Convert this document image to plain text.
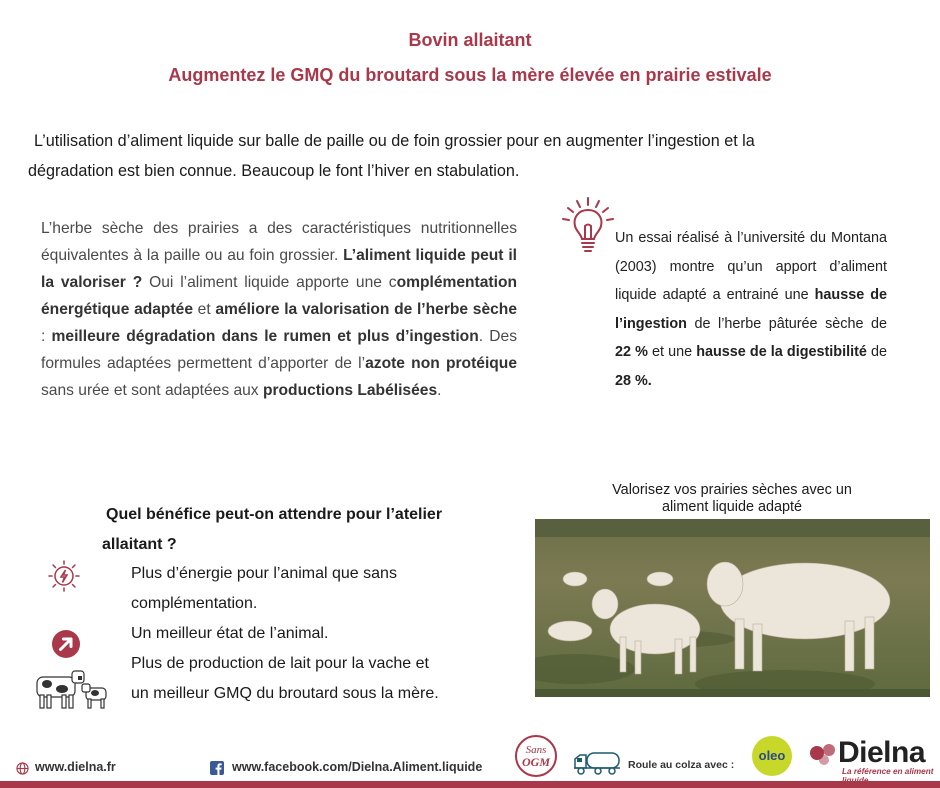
Bovin allaitant
Augmentez le GMQ du broutard sous la mère élevée en prairie estivale
L’utilisation d’aliment liquide sur balle de paille ou de foin grossier pour en augmenter l’ingestion et la
dégradation est bien connue. Beaucoup le font l’hiver en stabulation.
L’herbe sèche des prairies a des caractéristiques nutritionnelles équivalentes à la paille ou au foin grossier. L’aliment liquide peut il la valoriser ? Oui l’aliment liquide apporte une complémentation énergétique adaptée et améliore la valorisation de l’herbe sèche : meilleure dégradation dans le rumen et plus d’ingestion. Des formules adaptées permettent d’apporter de l’azote non protéique sans urée et sont adaptées aux productions Labélisées.
Un essai réalisé à l’université du Montana (2003) montre qu’un apport d’aliment liquide adapté a entrainé une hausse de l’ingestion de l’herbe pâturée sèche de 22 % et une hausse de la digestibilité de 28 %.
Quel bénéfice peut-on attendre pour l’atelier
allaitant ?
Plus d’énergie pour l’animal que sans
complémentation.
Un meilleur état de l’animal.
Plus de production de lait pour la vache et
un meilleur GMQ du broutard sous la mère.
Valorisez vos prairies sèches avec un aliment liquide adapté
www.dielna.fr	www.facebook.com/Dielna.Aliment.liquide
Sans
OGM	Roule au colza avec :
oleo Dielna
La référence en aliment
